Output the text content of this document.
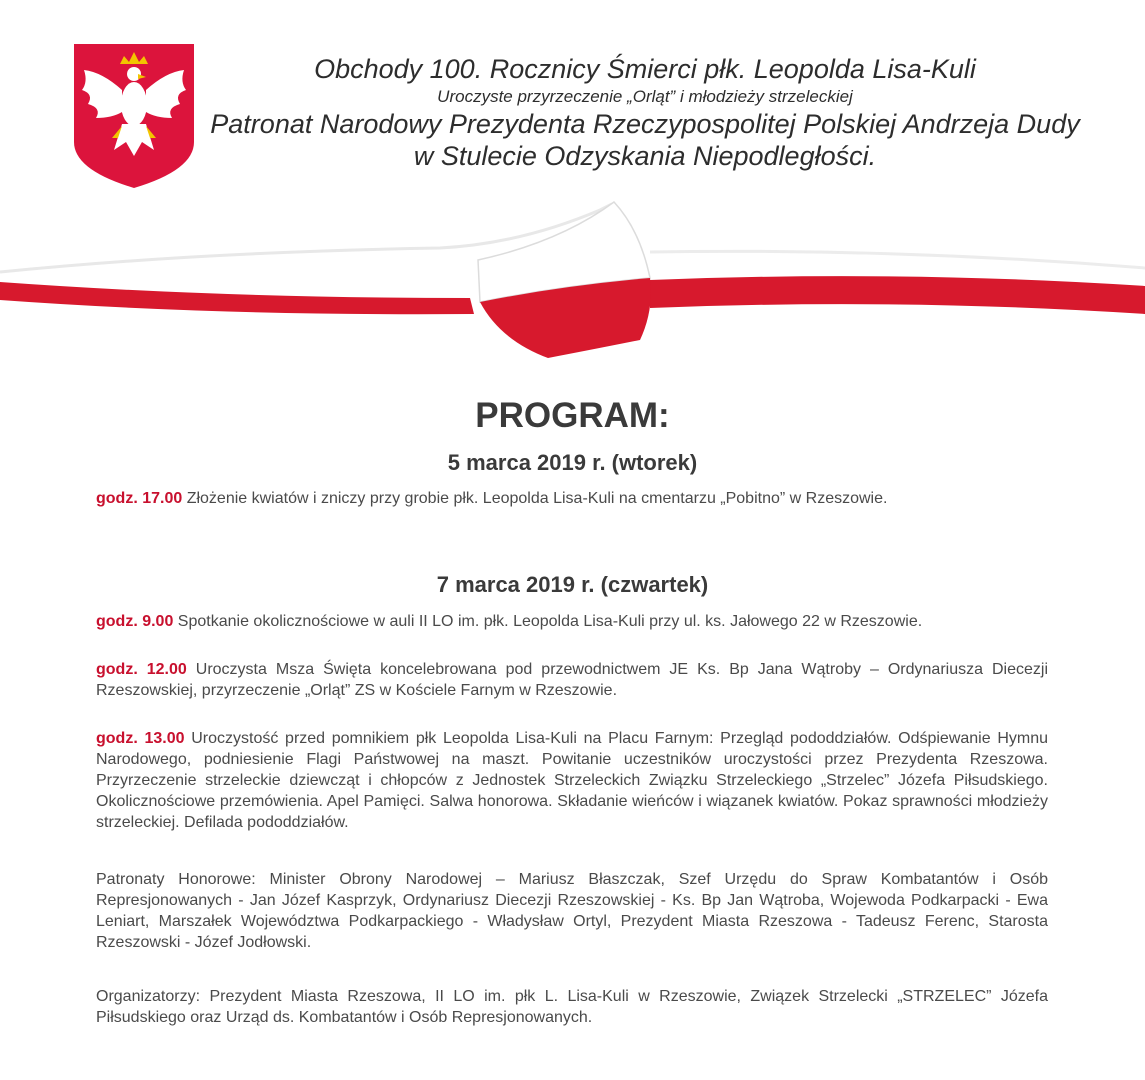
Obchody 100. Rocznicy Śmierci płk. Leopolda Lisa-Kuli
Uroczyste przyrzeczenie „Orląt” i młodzieży strzeleckiej
Patronat Narodowy Prezydenta Rzeczypospolitej Polskiej Andrzeja Dudy
w Stulecie Odzyskania Niepodległości.
PROGRAM:
5 marca 2019 r. (wtorek)
godz. 17.00 Złożenie kwiatów i zniczy przy grobie płk. Leopolda Lisa-Kuli na cmentarzu „Pobitno” w Rzeszowie.
7 marca 2019 r. (czwartek)
godz. 9.00 Spotkanie okolicznościowe w auli II LO im. płk. Leopolda Lisa-Kuli przy ul. ks. Jałowego 22 w Rzeszowie.
godz. 12.00 Uroczysta Msza Święta koncelebrowana pod przewodnictwem JE Ks. Bp Jana Wątroby – Ordynariusza Diecezji Rzeszowskiej, przyrzeczenie „Orląt” ZS w Kościele Farnym w Rzeszowie.
godz. 13.00 Uroczystość przed pomnikiem płk Leopolda Lisa-Kuli na Placu Farnym: Przegląd pododdziałów. Odśpiewanie Hymnu Narodowego, podniesienie Flagi Państwowej na maszt. Powitanie uczestników uroczystości przez Prezydenta Rzeszowa. Przyrzeczenie strzeleckie dziewcząt i chłopców z Jednostek Strzeleckich Związku Strzeleckiego „Strzelec” Józefa Piłsudskiego. Okolicznościowe przemówienia. Apel Pamięci. Salwa honorowa. Składanie wieńców i wiązanek kwiatów. Pokaz sprawności młodzieży strzeleckiej. Defilada pododdziałów.
Patronaty Honorowe: Minister Obrony Narodowej – Mariusz Błaszczak, Szef Urzędu do Spraw Kombatantów i Osób Represjonowanych - Jan Józef Kasprzyk, Ordynariusz Diecezji Rzeszowskiej - Ks. Bp Jan Wątroba, Wojewoda Podkarpacki - Ewa Leniart, Marszałek Województwa Podkarpackiego - Władysław Ortyl, Prezydent Miasta Rzeszowa - Tadeusz Ferenc, Starosta Rzeszowski - Józef Jodłowski.
Organizatorzy: Prezydent Miasta Rzeszowa, II LO im. płk L. Lisa-Kuli w Rzeszowie, Związek Strzelecki „STRZELEC” Józefa Piłsudskiego oraz Urząd ds. Kombatantów i Osób Represjonowanych.
